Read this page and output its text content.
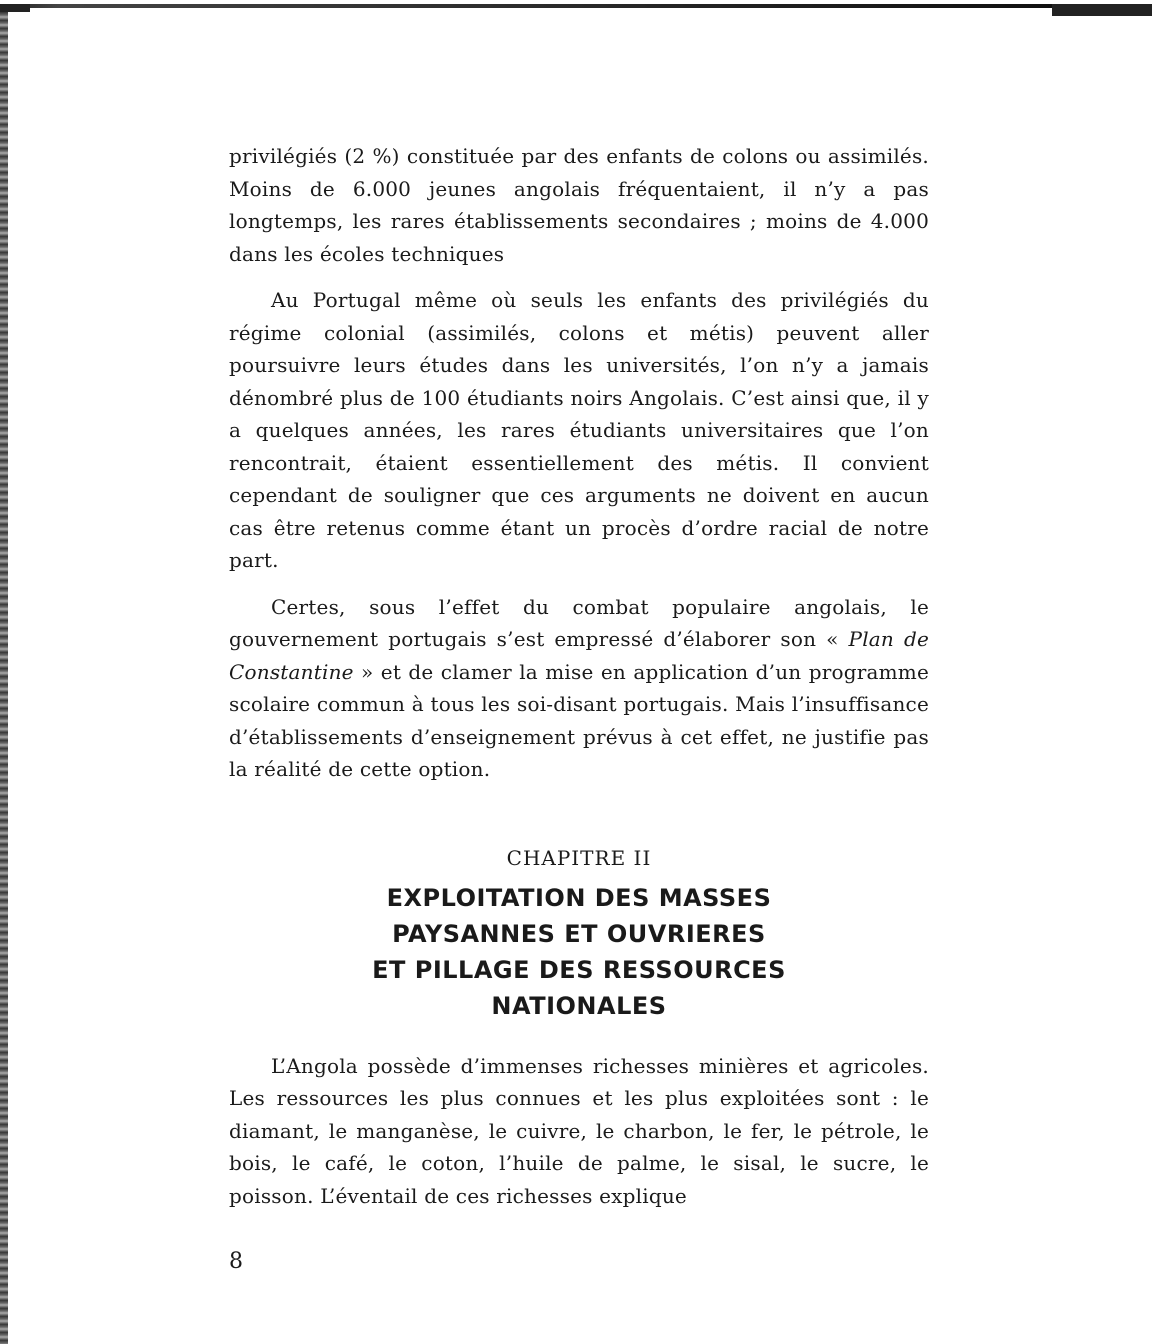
privilégiés (2 %) constituée par des enfants de colons ou assimilés. Moins de 6.000 jeunes angolais fréquentaient, il n’y a pas longtemps, les rares établissements secondaires ; moins de 4.000 dans les écoles techniques

Au Portugal même où seuls les enfants des privilégiés du régime colonial (assimilés, colons et métis) peuvent aller poursuivre leurs études dans les universités, l’on n’y a jamais dénombré plus de 100 étudiants noirs Angolais. C’est ainsi que, il y a quelques années, les rares étudiants universitaires que l’on rencontrait, étaient essentiellement des métis. Il convient cependant de souligner que ces arguments ne doivent en aucun cas être retenus comme étant un procès d’ordre racial de notre part.

Certes, sous l’effet du combat populaire angolais, le gouvernement portugais s’est empressé d’élaborer son « Plan de Constantine » et de clamer la mise en application d’un programme scolaire commun à tous les soi-disant portugais. Mais l’insuffisance d’établissements d’enseignement prévus à cet effet, ne justifie pas la réalité de cette option.

CHAPITRE II
EXPLOITATION DES MASSES
PAYSANNES ET OUVRIERES
ET PILLAGE DES RESSOURCES
NATIONALES

L’Angola possède d’immenses richesses minières et agricoles. Les ressources les plus connues et les plus exploitées sont : le diamant, le manganèse, le cuivre, le charbon, le fer, le pétrole, le bois, le café, le coton, l’huile de palme, le sisal, le sucre, le poisson. L’éventail de ces richesses explique

8
